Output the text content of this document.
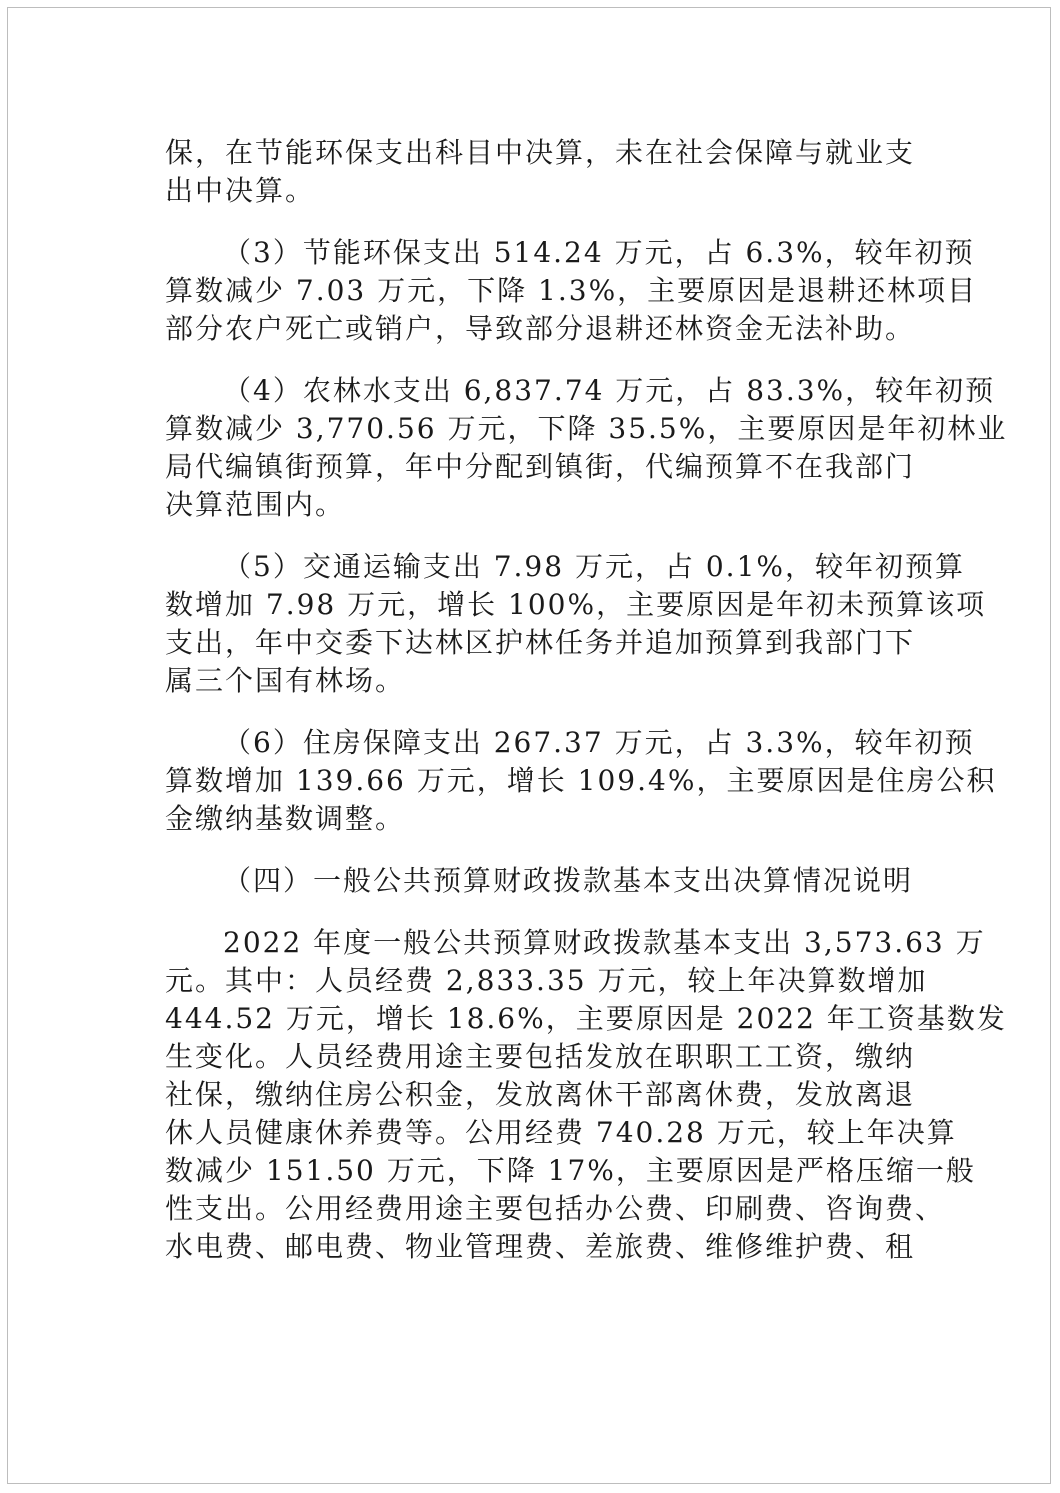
保，在节能环保支出科目中决算，未在社会保障与就业支
出中决算。
（3）节能环保支出 514.24 万元，占 6.3%，较年初预
算数减少 7.03 万元，下降 1.3%，主要原因是退耕还林项目
部分农户死亡或销户，导致部分退耕还林资金无法补助。
（4）农林水支出 6,837.74 万元，占 83.3%，较年初预
算数减少 3,770.56 万元，下降 35.5%，主要原因是年初林业
局代编镇街预算，年中分配到镇街，代编预算不在我部门
决算范围内。
（5）交通运输支出 7.98 万元，占 0.1%，较年初预算
数增加 7.98 万元，增长 100%，主要原因是年初未预算该项
支出，年中交委下达林区护林任务并追加预算到我部门下
属三个国有林场。
（6）住房保障支出 267.37 万元，占 3.3%，较年初预
算数增加 139.66 万元，增长 109.4%，主要原因是住房公积
金缴纳基数调整。
（四）一般公共预算财政拨款基本支出决算情况说明
2022 年度一般公共预算财政拨款基本支出 3,573.63 万
元。其中：人员经费 2,833.35 万元，较上年决算数增加
444.52 万元，增长 18.6%，主要原因是 2022 年工资基数发
生变化。人员经费用途主要包括发放在职职工工资，缴纳
社保，缴纳住房公积金，发放离休干部离休费，发放离退
休人员健康休养费等。公用经费 740.28 万元，较上年决算
数减少 151.50 万元，下降 17%，主要原因是严格压缩一般
性支出。公用经费用途主要包括办公费、印刷费、咨询费、
水电费、邮电费、物业管理费、差旅费、维修维护费、租
